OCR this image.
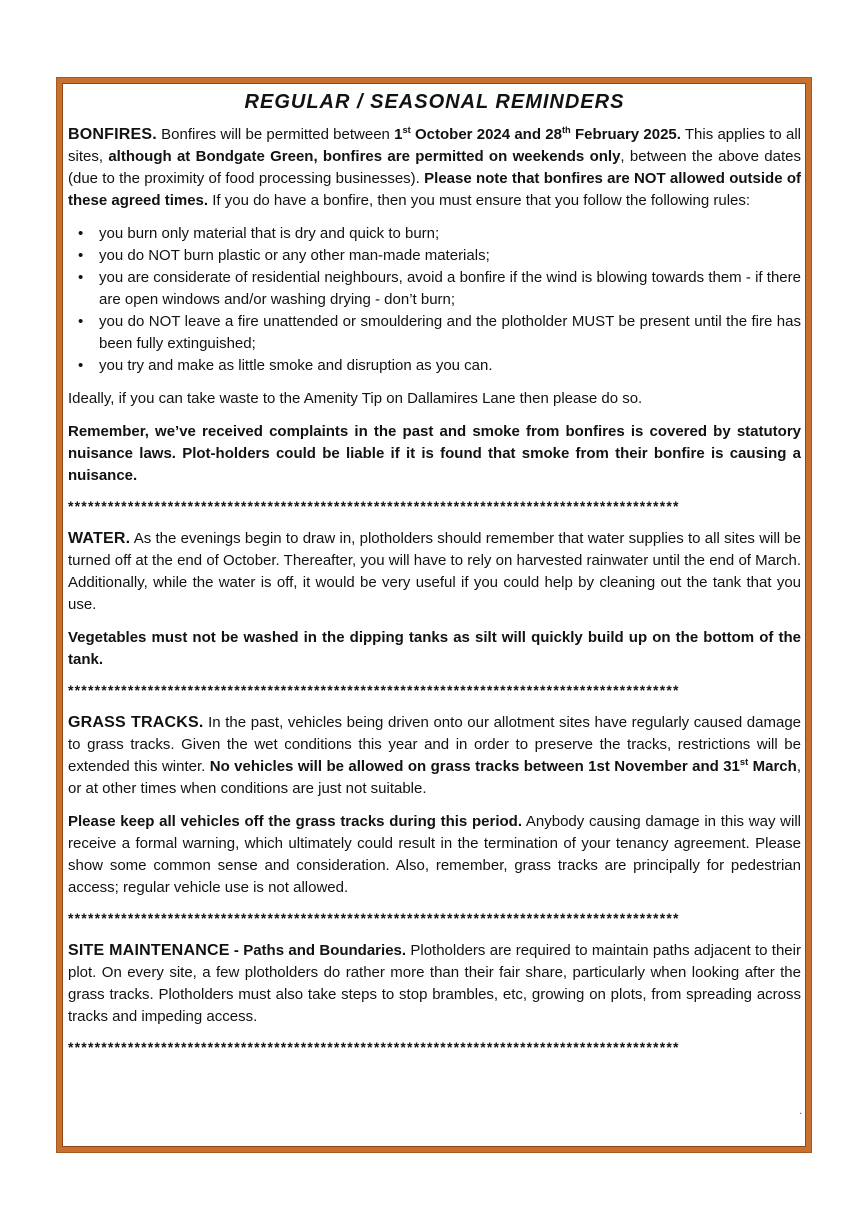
REGULAR / SEASONAL REMINDERS

BONFIRES. Bonfires will be permitted between 1st October 2024 and 28th February 2025. This applies to all sites, although at Bondgate Green, bonfires are permitted on weekends only, between the above dates (due to the proximity of food processing businesses). Please note that bonfires are NOT allowed outside of these agreed times. If you do have a bonfire, then you must ensure that you follow the following rules:

• you burn only material that is dry and quick to burn;
• you do NOT burn plastic or any other man-made materials;
• you are considerate of residential neighbours, avoid a bonfire if the wind is blowing towards them - if there are open windows and/or washing drying - don’t burn;
• you do NOT leave a fire unattended or smouldering and the plotholder MUST be present until the fire has been fully extinguished;
• you try and make as little smoke and disruption as you can.

Ideally, if you can take waste to the Amenity Tip on Dallamires Lane then please do so.

Remember, we’ve received complaints in the past and smoke from bonfires is covered by statutory nuisance laws. Plot-holders could be liable if it is found that smoke from their bonfire is causing a nuisance.

********************************************************************************************

WATER. As the evenings begin to draw in, plotholders should remember that water supplies to all sites will be turned off at the end of October. Thereafter, you will have to rely on harvested rainwater until the end of March. Additionally, while the water is off, it would be very useful if you could help by cleaning out the tank that you use.

Vegetables must not be washed in the dipping tanks as silt will quickly build up on the bottom of the tank.

********************************************************************************************

GRASS TRACKS. In the past, vehicles being driven onto our allotment sites have regularly caused damage to grass tracks. Given the wet conditions this year and in order to preserve the tracks, restrictions will be extended this winter. No vehicles will be allowed on grass tracks between 1st November and 31st March, or at other times when conditions are just not suitable.

Please keep all vehicles off the grass tracks during this period. Anybody causing damage in this way will receive a formal warning, which ultimately could result in the termination of your tenancy agreement. Please show some common sense and consideration. Also, remember, grass tracks are principally for pedestrian access; regular vehicle use is not allowed.

********************************************************************************************

SITE MAINTENANCE - Paths and Boundaries. Plotholders are required to maintain paths adjacent to their plot. On every site, a few plotholders do rather more than their fair share, particularly when looking after the grass tracks. Plotholders must also take steps to stop brambles, etc, growing on plots, from spreading across tracks and impeding access.

********************************************************************************************
.
